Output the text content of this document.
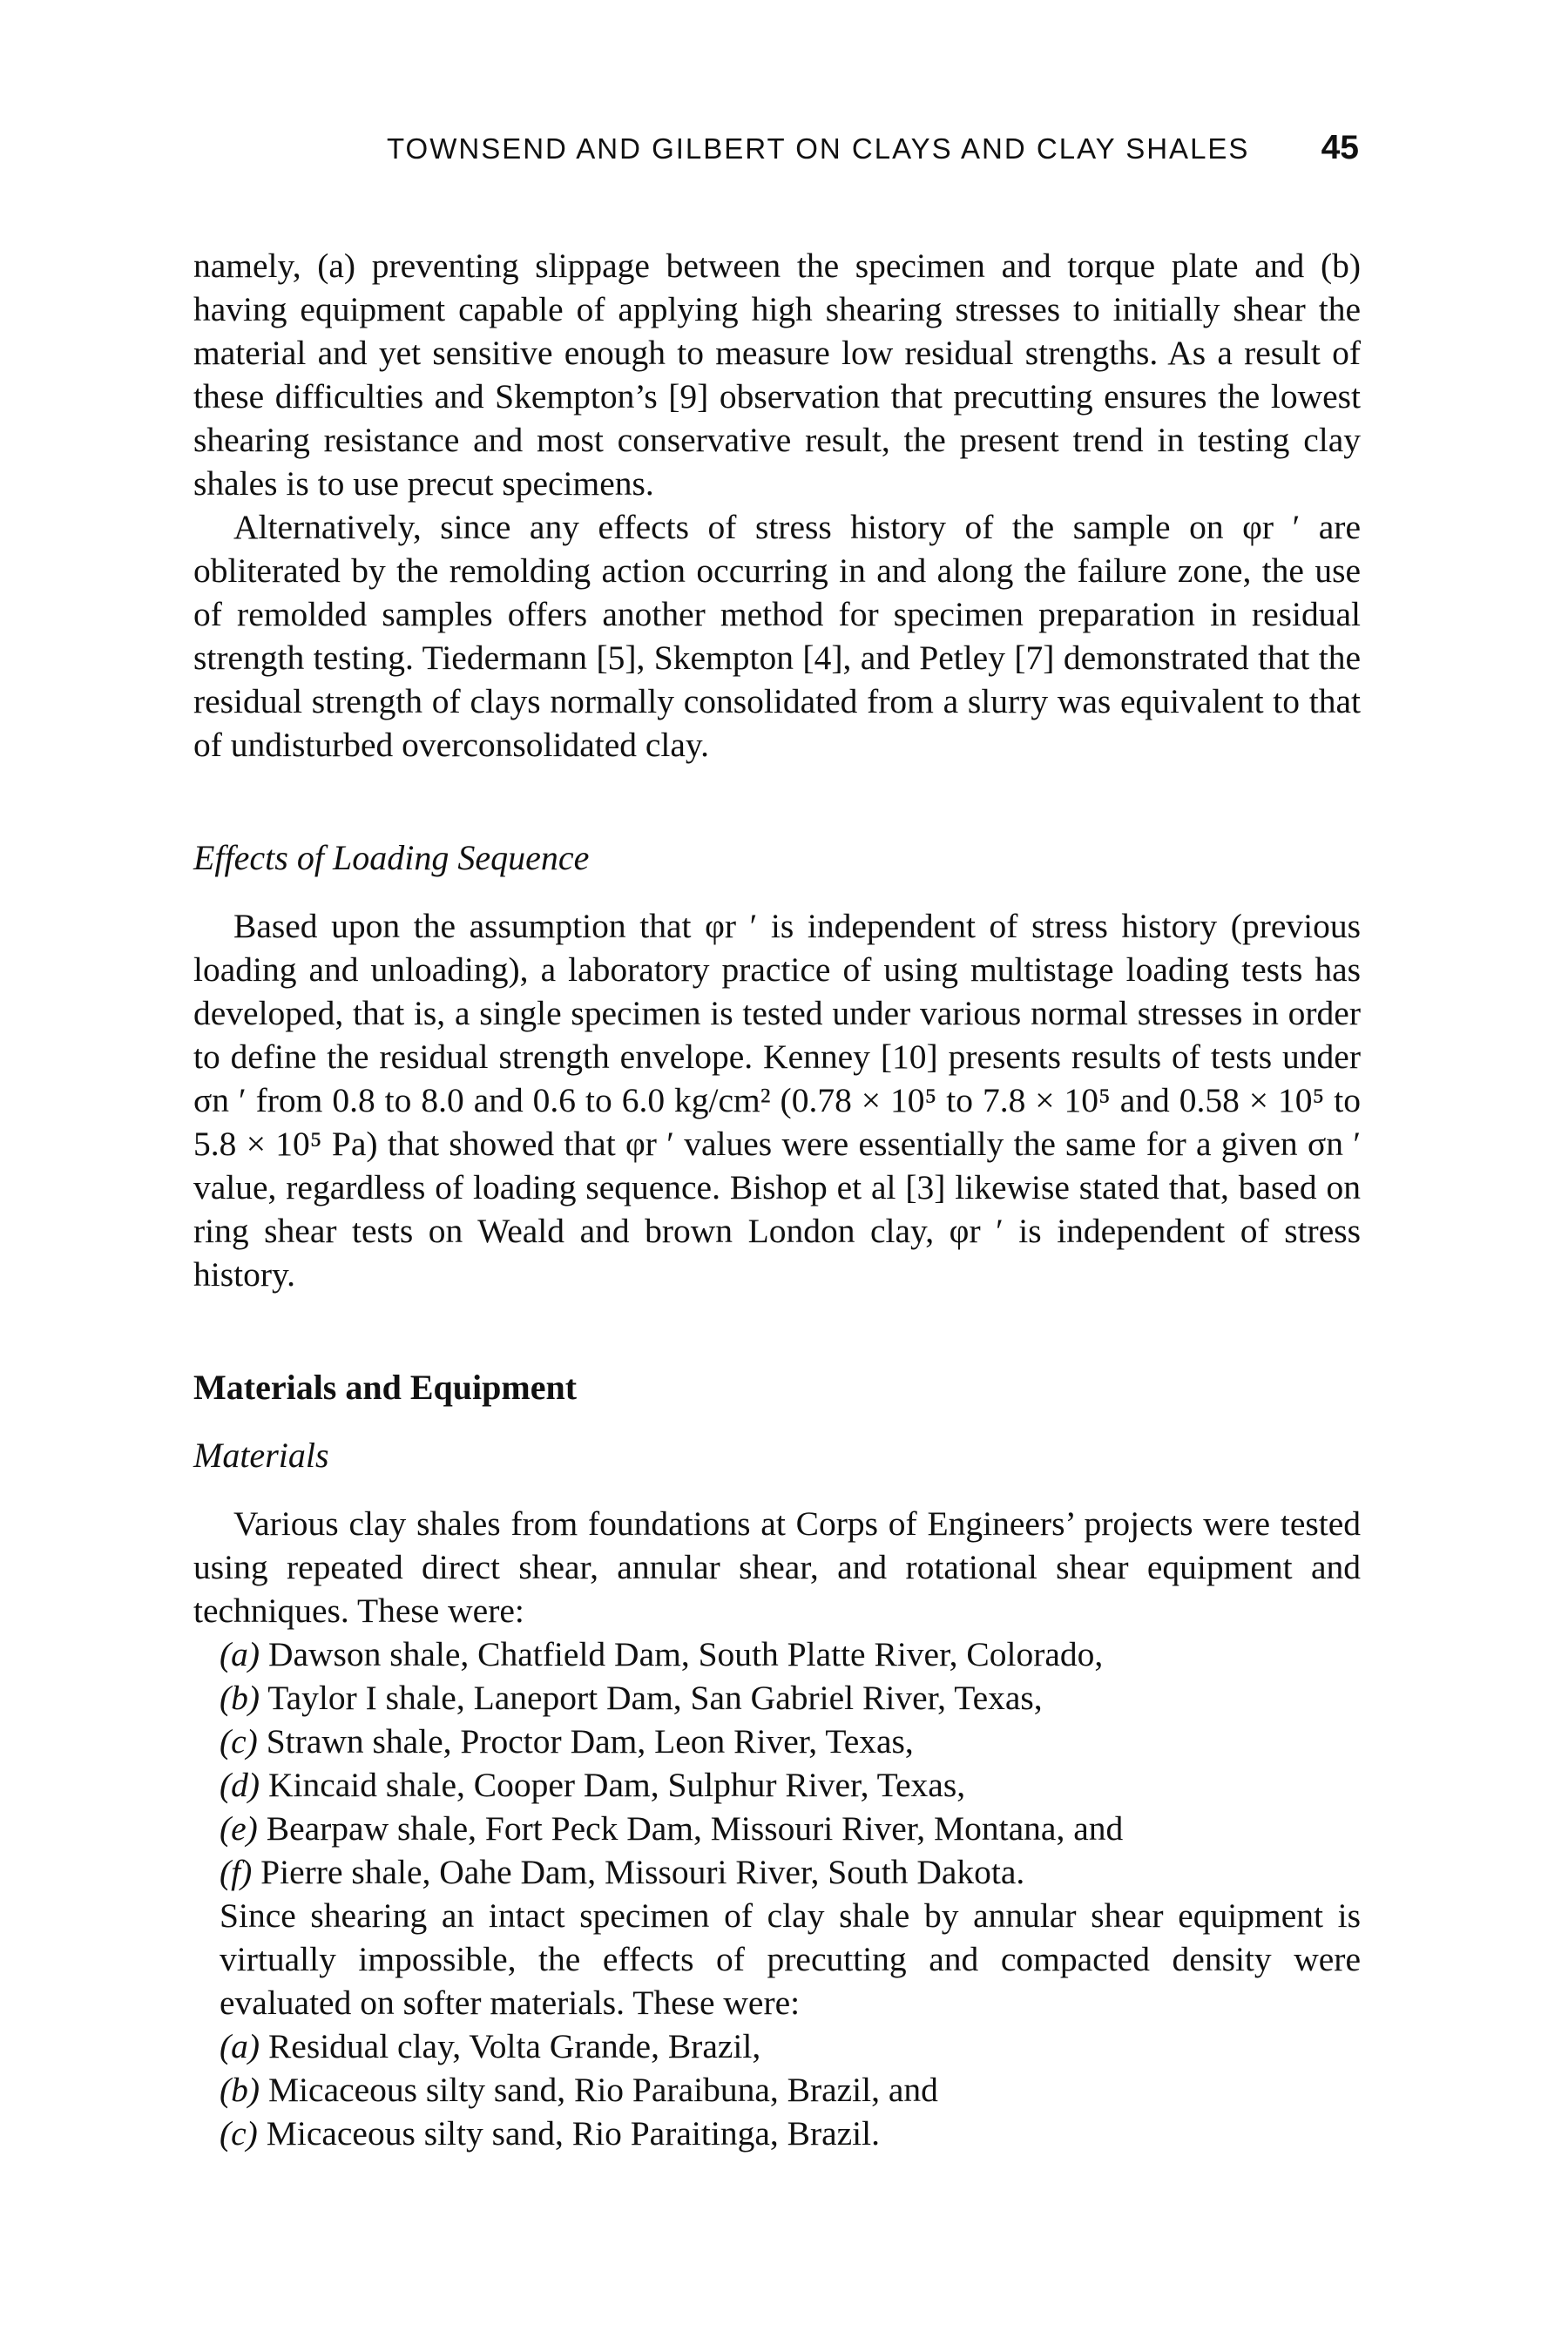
TOWNSEND AND GILBERT ON CLAYS AND CLAY SHALES 45

namely, (a) preventing slippage between the specimen and torque plate and (b) having equipment capable of applying high shearing stresses to initially shear the material and yet sensitive enough to measure low residual strengths. As a result of these difficulties and Skempton’s [9] observation that precutting ensures the lowest shearing resistance and most conservative result, the present trend in testing clay shales is to use precut specimens.

Alternatively, since any effects of stress history of the sample on φr ′ are obliterated by the remolding action occurring in and along the failure zone, the use of remolded samples offers another method for specimen preparation in residual strength testing. Tiedermann [5], Skempton [4], and Petley [7] demonstrated that the residual strength of clays normally consolidated from a slurry was equivalent to that of undisturbed overconsolidated clay.

Effects of Loading Sequence

Based upon the assumption that φr ′ is independent of stress history (previous loading and unloading), a laboratory practice of using multistage loading tests has developed, that is, a single specimen is tested under various normal stresses in order to define the residual strength envelope. Kenney [10] presents results of tests under σn ′ from 0.8 to 8.0 and 0.6 to 6.0 kg/cm² (0.78 × 10⁵ to 7.8 × 10⁵ and 0.58 × 10⁵ to 5.8 × 10⁵ Pa) that showed that φr ′ values were essentially the same for a given σn ′ value, regardless of loading sequence. Bishop et al [3] likewise stated that, based on ring shear tests on Weald and brown London clay, φr ′ is independent of stress history.

Materials and Equipment

Materials

Various clay shales from foundations at Corps of Engineers’ projects were tested using repeated direct shear, annular shear, and rotational shear equipment and techniques. These were:

(a) Dawson shale, Chatfield Dam, South Platte River, Colorado,

(b) Taylor I shale, Laneport Dam, San Gabriel River, Texas,

(c) Strawn shale, Proctor Dam, Leon River, Texas,

(d) Kincaid shale, Cooper Dam, Sulphur River, Texas,

(e) Bearpaw shale, Fort Peck Dam, Missouri River, Montana, and

(f) Pierre shale, Oahe Dam, Missouri River, South Dakota.

Since shearing an intact specimen of clay shale by annular shear equipment is virtually impossible, the effects of precutting and compacted density were evaluated on softer materials. These were:

(a) Residual clay, Volta Grande, Brazil,

(b) Micaceous silty sand, Rio Paraibuna, Brazil, and

(c) Micaceous silty sand, Rio Paraitinga, Brazil.
